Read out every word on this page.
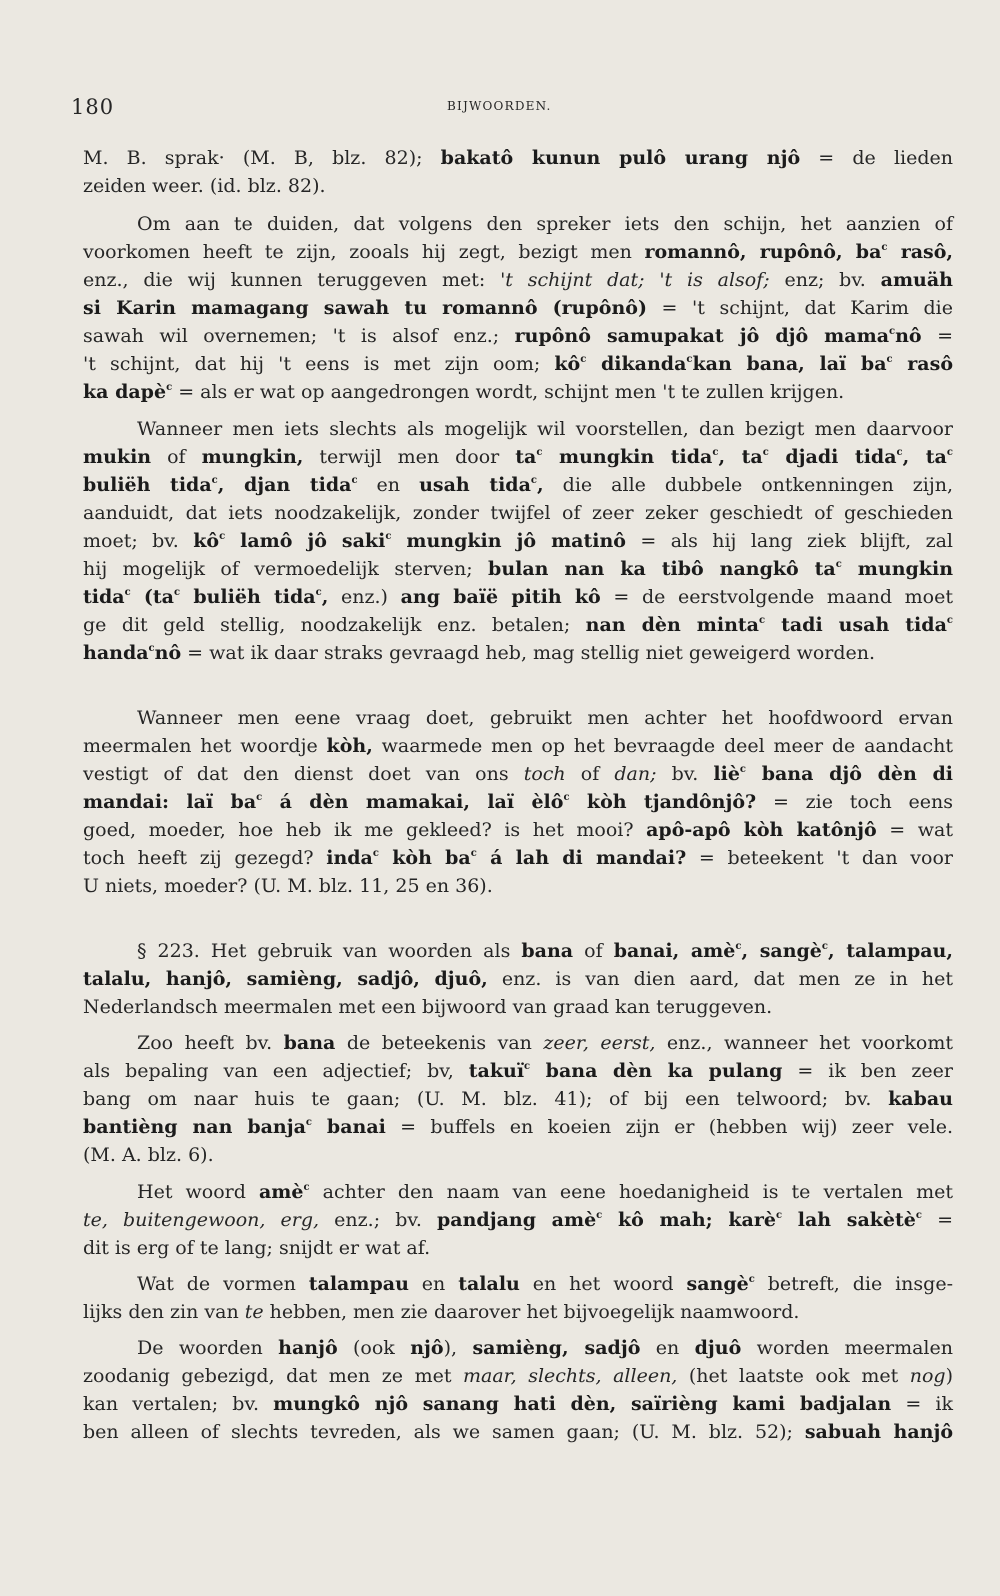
180	BIJWOORDEN.
M. B. sprak· (M. B, blz. 82); bakatô kunun pulô urang njô = de lieden
zeiden weer. (id. blz. 82).
Om aan te duiden, dat volgens den spreker iets den schijn, het aanzien of
voorkomen heeft te zijn, zooals hij zegt, bezigt men romannô, rupônô, $ba^c$ rasô,
enz., die wij kunnen teruggeven met: 't schijnt dat; 't is alsof; enz; bv. amuäh
si Karin mamagang sawah tu romannô (rupônô) = 't schijnt, dat Karim die
sawah wil overnemen; 't is alsof enz.; rupônô samupakat jô djô mama$^c$nô =
't schijnt, dat hij 't eens is met zijn oom; $kô^c$ dikanda$^c$kan bana, laï $ba^c$ rasô
ka dapè$^c$ = als er wat op aangedrongen wordt, schijnt men 't te zullen krijgen.
Wanneer men iets slechts als mogelijk wil voorstellen, dan bezigt men daarvoor
mukin of mungkin, terwijl men door $ta^c$ mungkin tida$^c$, $ta^c$ djadi tida$^c$, $ta^c$
buliëh tida$^c$, djan tida$^c$ en usah tida$^c$, die alle dubbele ontkenningen zijn,
aanduidt, dat iets noodzakelijk, zonder twijfel of zeer zeker geschiedt of geschieden
moet; bv. $kô^c$ lamô jô saki$^c$ mungkin jô matinô = als hij lang ziek blijft, zal
hij mogelijk of vermoedelijk sterven; bulan nan ka tibô nangkô $ta^c$ mungkin
tida$^c$ ($ta^c$ buliëh tida$^c$, enz.) ang baïë pitih kô = de eerstvolgende maand moet
ge dit geld stellig, noodzakelijk enz. betalen; nan dèn minta$^c$ tadi usah tida$^c$
handa$^c$nô = wat ik daar straks gevraagd heb, mag stellig niet geweigerd worden.
Wanneer men eene vraag doet, gebruikt men achter het hoofdwoord ervan
meermalen het woordje kòh, waarmede men op het bevraagde deel meer de aandacht
vestigt of dat den dienst doet van ons toch of dan; bv. liè$^c$ bana djô dèn di
mandai: laï $ba^c$ á dèn mamakai, laï èlô$^c$ kòh tjandônjô? = zie toch eens
goed, moeder, hoe heb ik me gekleed? is het mooi? apô-apô kòh katônjô = wat
toch heeft zij gezegd? inda$^c$ kòh $ba^c$ á lah di mandai? = beteekent 't dan voor
U niets, moeder? (U. M. blz. 11, 25 en 36).
§ 223. Het gebruik van woorden als bana of banai, amè$^c$, sangè$^c$, talampau,
talalu, hanjô, samièng, sadjô, djuô, enz. is van dien aard, dat men ze in het
Nederlandsch meermalen met een bijwoord van graad kan teruggeven.
Zoo heeft bv. bana de beteekenis van zeer, eerst, enz., wanneer het voorkomt
als bepaling van een adjectief; bv, takuï$^c$ bana dèn ka pulang = ik ben zeer
bang om naar huis te gaan; (U. M. blz. 41); of bij een telwoord; bv. kabau
bantièng nan banja$^c$ banai = buffels en koeien zijn er (hebben wij) zeer vele.
(M. A. blz. 6).
Het woord amè$^c$ achter den naam van eene hoedanigheid is te vertalen met
te, buitengewoon, erg, enz.; bv. pandjang amè$^c$ kô mah; karè$^c$ lah sakètè$^c$ =
dit is erg of te lang; snijdt er wat af.
Wat de vormen talampau en talalu en het woord sangè$^c$ betreft, die insge-
lijks den zin van te hebben, men zie daarover het bijvoegelijk naamwoord.
De woorden hanjô (ook njô), samièng, sadjô en djuô worden meermalen
zoodanig gebezigd, dat men ze met maar, slechts, alleen, (het laatste ook met nog)
kan vertalen; bv. mungkô njô sanang hati dèn, saïrièng kami badjalan = ik
ben alleen of slechts tevreden, als we samen gaan; (U. M. blz. 52); sabuah hanjô
